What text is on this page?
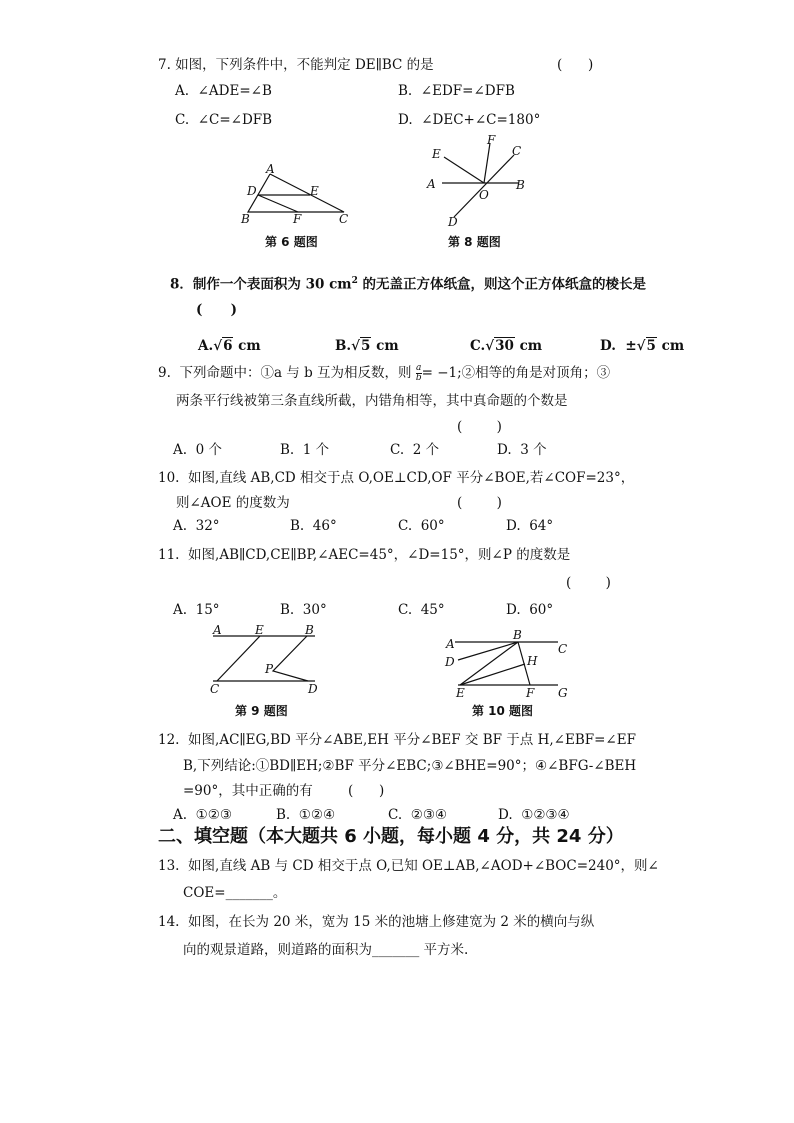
7. 如图，下列条件中，不能判定 DE∥BC 的是	(      )
A.  ∠ADE=∠B	B.  ∠EDF=∠DFB
C.  ∠C=∠DFB	D.  ∠DEC+∠C=180°
A
D	E
B	F	C
第 6 题图
E
F
C
A
O
B
D
第 8 题图
8．制作一个表面积为 30 $cm^2$ 的无盖正方体纸盒，则这个正方体纸盒的棱长是
(      )
A.√6 cm	B.√5 cm	C.√30 cm	D.  ±√5 cm
9.  下列命题中：①a 与 b 互为相反数，则 $\frac{a}{b}$ = −1;②相等的角是对顶角；③
两条平行线被第三条直线所截，内错角相等，其中真命题的个数是
(        )
A.  0 个	B.  1 个	C.  2 个	D.  3 个
10.  如图,直线 AB,CD 相交于点 O,OE⊥CD,OF 平分∠BOE,若∠COF=23°，
则∠AOE 的度数为	(        )
A.  32°	B.  46°	C.  60°	D.  64°
11.  如图,AB∥CD,CE∥BP,∠AEC=45°，∠D=15°，则∠P 的度数是
(        )
A.  15°	B.  30°	C.  45°	D.  60°
A	E	B
P
C	D
第 9 题图
A
B
C
D	H
E	F G
第 10 题图
12.  如图,AC∥EG,BD 平分∠ABE,EH 平分∠BEF 交 BF 于点 H,∠EBF=∠EF
B,下列结论:①BD∥EH;②BF 平分∠EBC;③∠BHE=90°；④∠BFG-∠BEH
=90°，其中正确的有	(      )
A.  ①②③	B.  ①②④	C.  ②③④	D.  ①②③④
二、填空题（本大题共 6 小题，每小题 4 分，共 24 分）
13.  如图,直线 AB 与 CD 相交于点 O,已知 OE⊥AB,∠AOD+∠BOC=240°，则∠
COE=_______。
14.  如图，在长为 20 米，宽为 15 米的池塘上修建宽为 2 米的横向与纵
向的观景道路，则道路的面积为_______ 平方米.
